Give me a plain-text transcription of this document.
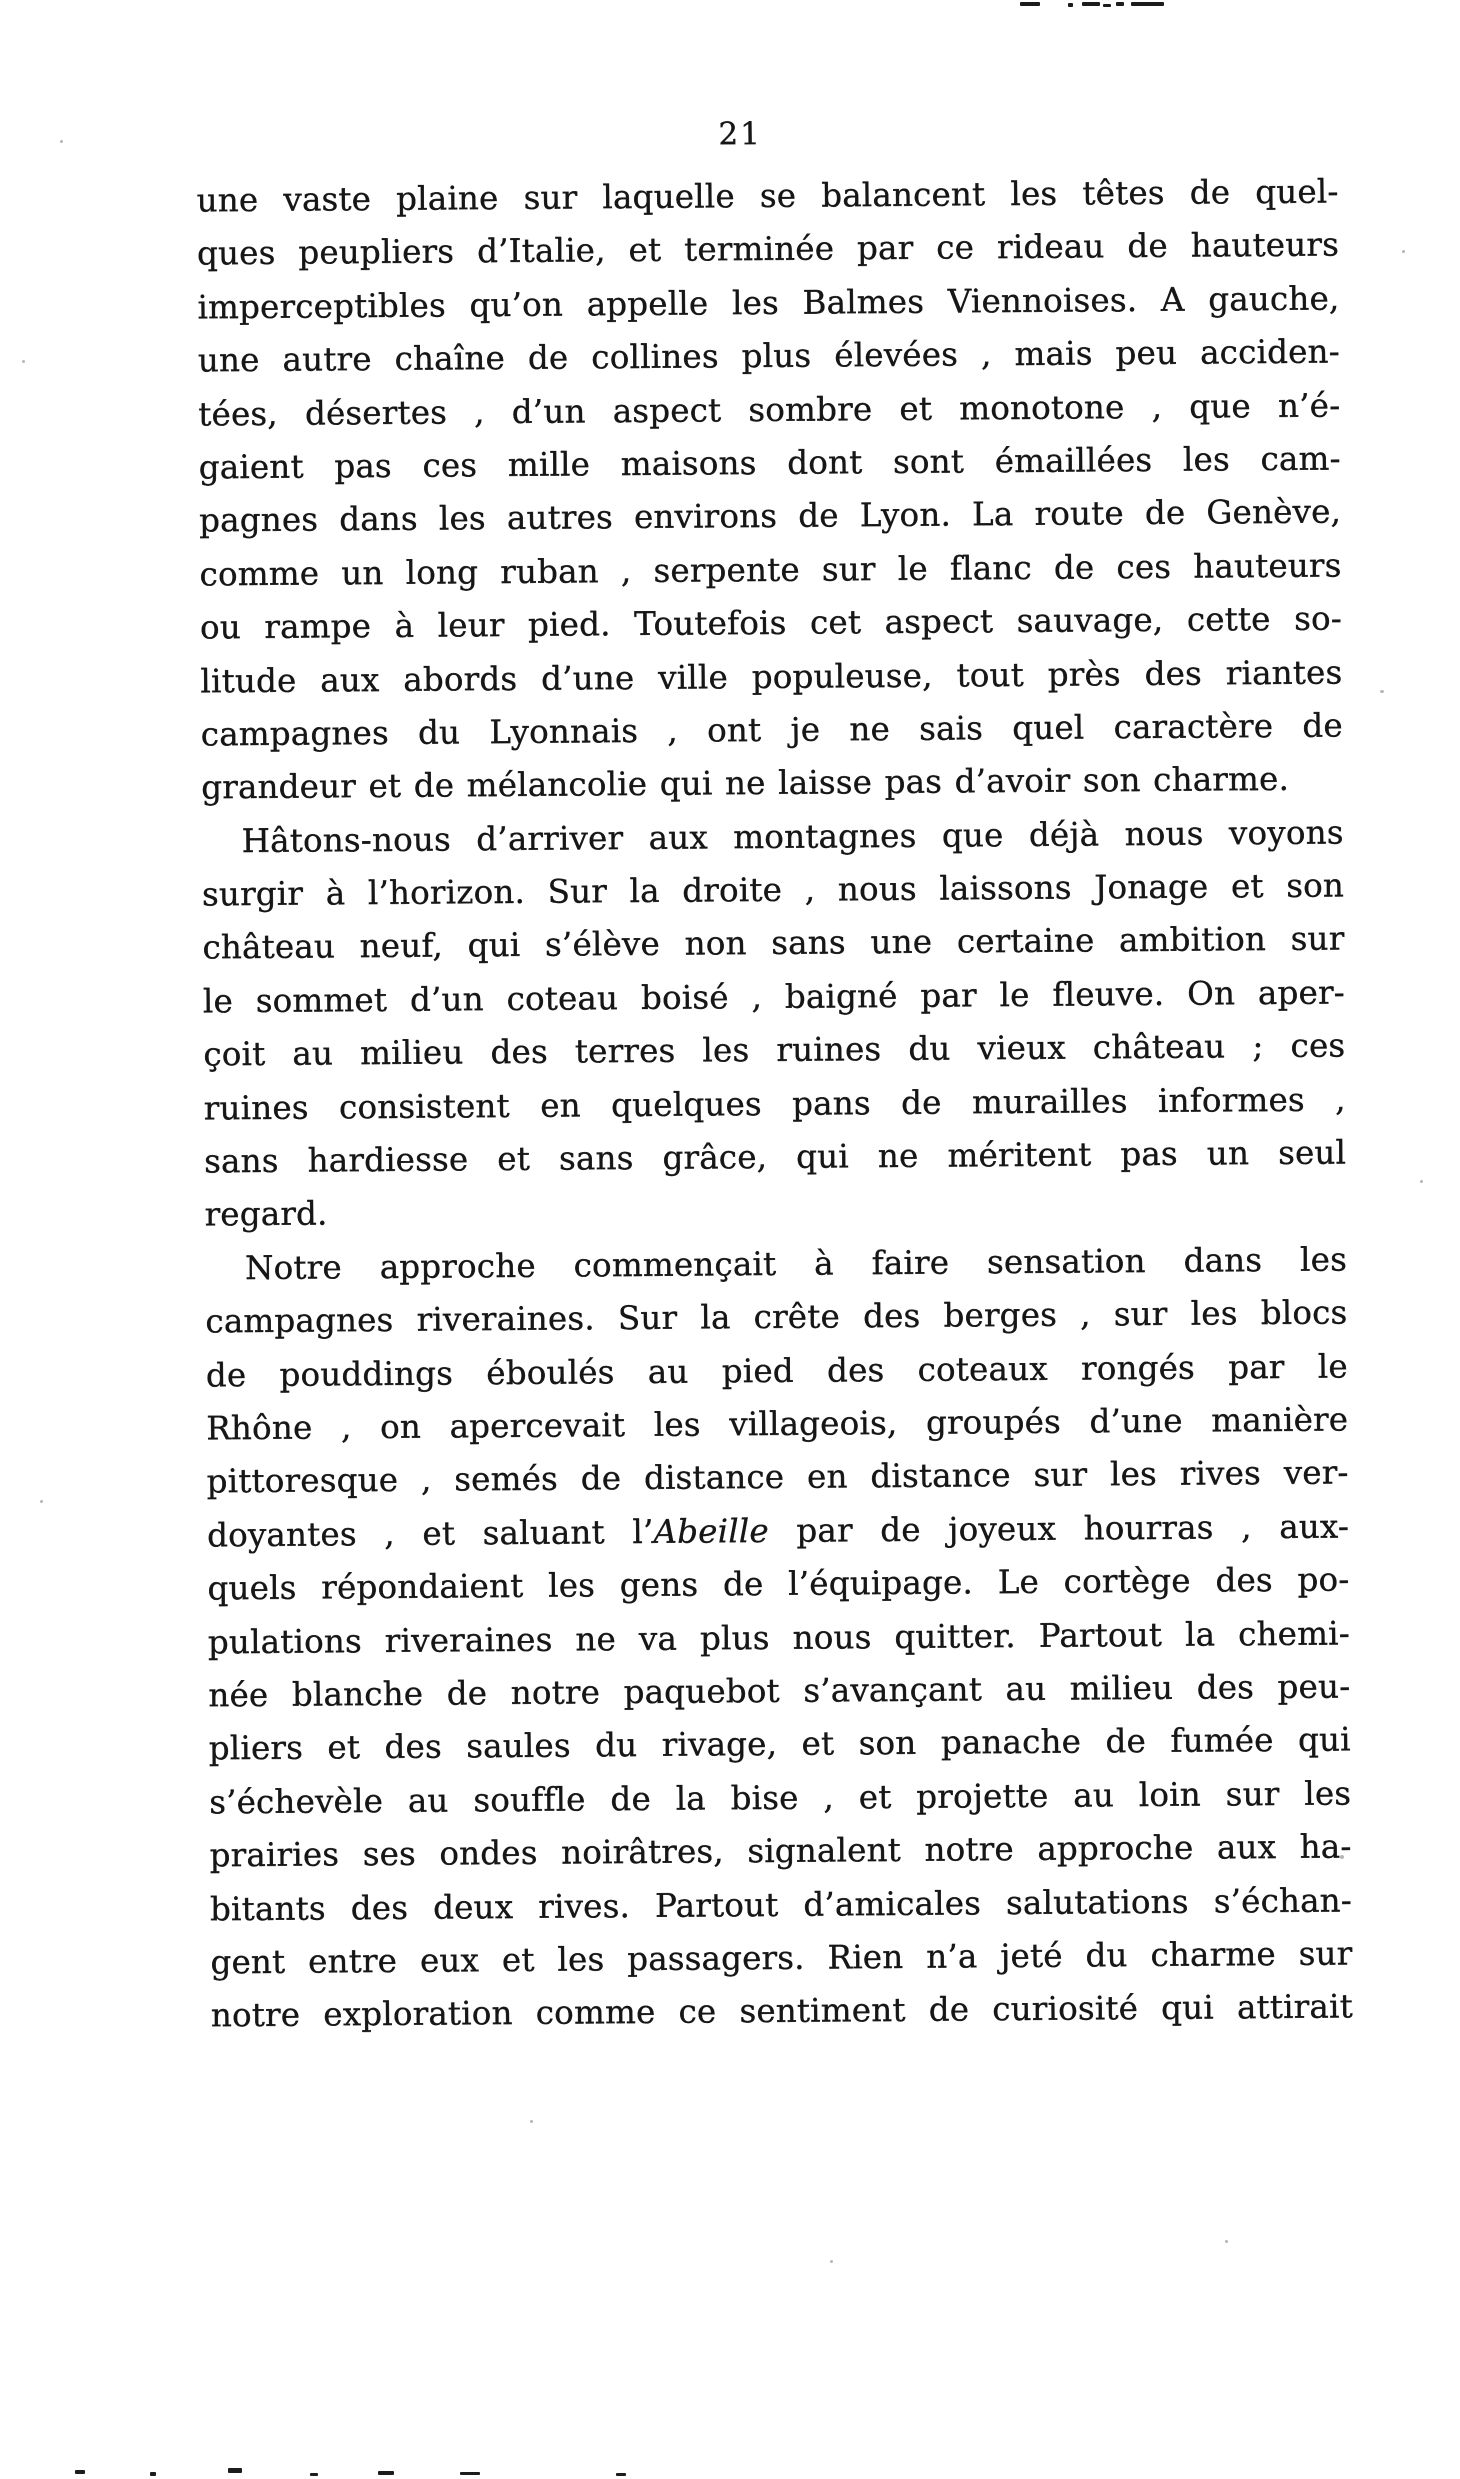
21
une vaste plaine sur laquelle se balancent les têtes de quel-
ques peupliers d’Italie, et terminée par ce rideau de hauteurs
imperceptibles qu’on appelle les Balmes Viennoises. A gauche,
une autre chaîne de collines plus élevées , mais peu acciden-
tées, désertes , d’un aspect sombre et monotone , que n’é-
gaient pas ces mille maisons dont sont émaillées les cam-
pagnes dans les autres environs de Lyon. La route de Genève,
comme un long ruban , serpente sur le flanc de ces hauteurs
ou rampe à leur pied. Toutefois cet aspect sauvage, cette so-
litude aux abords d’une ville populeuse, tout près des riantes
campagnes du Lyonnais , ont je ne sais quel caractère de
grandeur et de mélancolie qui ne laisse pas d’avoir son charme.
Hâtons-nous d’arriver aux montagnes que déjà nous voyons
surgir à l’horizon. Sur la droite , nous laissons Jonage et son
château neuf, qui s’élève non sans une certaine ambition sur
le sommet d’un coteau boisé , baigné par le fleuve. On aper-
çoit au milieu des terres les ruines du vieux château ; ces
ruines consistent en quelques pans de murailles informes ,
sans hardiesse et sans grâce, qui ne méritent pas un seul
regard.
Notre approche commençait à faire sensation dans les
campagnes riveraines. Sur la crête des berges , sur les blocs
de pouddings éboulés au pied des coteaux rongés par le
Rhône , on apercevait les villageois, groupés d’une manière
pittoresque , semés de distance en distance sur les rives ver-
doyantes , et saluant l’Abeille par de joyeux hourras , aux-
quels répondaient les gens de l’équipage. Le cortège des po-
pulations riveraines ne va plus nous quitter. Partout la chemi-
née blanche de notre paquebot s’avançant au milieu des peu-
pliers et des saules du rivage, et son panache de fumée qui
s’échevèle au souffle de la bise , et projette au loin sur les
prairies ses ondes noirâtres, signalent notre approche aux ha-
bitants des deux rives. Partout d’amicales salutations s’échan-
gent entre eux et les passagers. Rien n’a jeté du charme sur
notre exploration comme ce sentiment de curiosité qui attirait
